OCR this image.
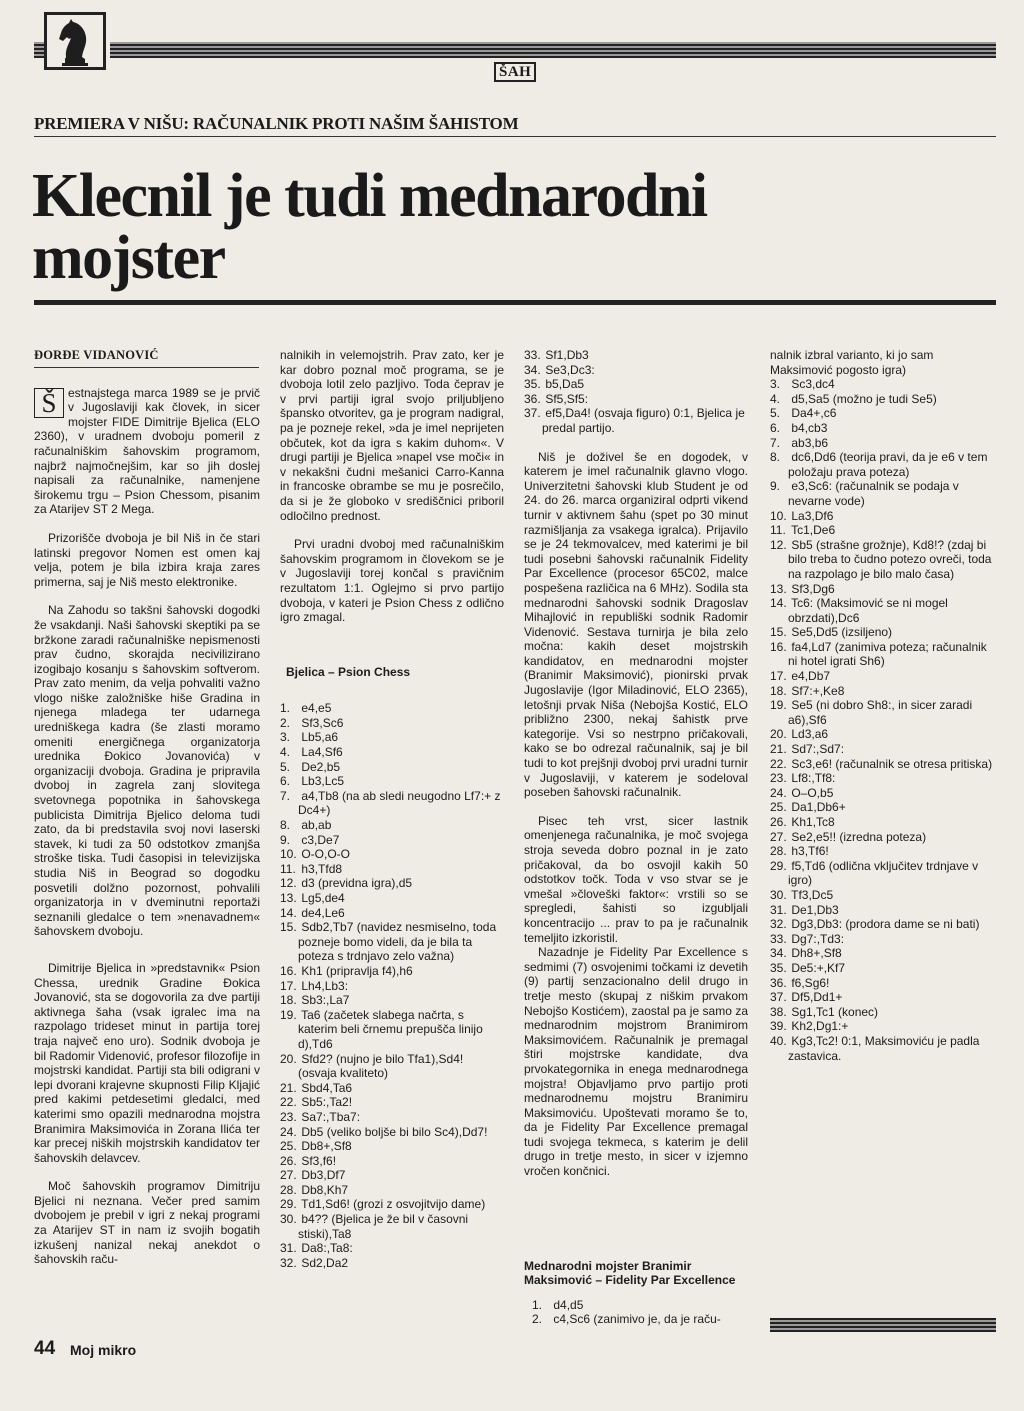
ŠAH
PREMIERA V NIŠU: RAČUNALNIK PROTI NAŠIM ŠAHISTOM
Klecnil je tudi mednarodni
mojster
ĐORĐE VIDANOVIĆ

Š estnajstega marca 1989 se je prvič v Jugoslaviji kak človek, in sicer mojster FIDE Dimitrije Bjelica (ELO 2360), v uradnem dvoboju pomeril z računalniškim šahovskim programom, najbrž najmočnejšim, kar so jih doslej napisali za računalnike, namenjene širokemu trgu – Psion Chessom, pisanim za Atarijev ST 2 Mega.

Prizorišče dvoboja je bil Niš in če stari latinski pregovor Nomen est omen kaj velja, potem je bila izbira kraja zares primerna, saj je Niš mesto elektronike.

Na Zahodu so takšni šahovski dogodki že vsakdanji. Naši šahovski skeptiki pa se bržkone zaradi računalniške nepismenosti prav čudno, skorajda necivilizirano izogibajo kosanju s šahovskim softverom. Prav zato menim, da velja pohvaliti važno vlogo niške založniške hiše Gradina in njenega mladega ter udarnega uredniškega kadra (še zlasti moramo omeniti energičnega organizatorja urednika Đokico Jovanovića) v organizaciji dvoboja. Gradina je pripravila dvoboj in zagrela zanj slovitega svetovnega popotnika in šahovskega publicista Dimitrija Bjelico deloma tudi zato, da bi predstavila svoj novi laserski stavek, ki tudi za 50 odstotkov zmanjša stroške tiska. Tudi časopisi in televizijska studia Niš in Beograd so dogodku posvetili dolžno pozornost, pohvalili organizatorja in v dveminutni reportaži seznanili gledalce o tem »nenavadnem« šahovskem dvoboju.

Dimitrije Bjelica in »predstavnik« Psion Chessa, urednik Gradine Đokica Jovanović, sta se dogovorila za dve partiji aktivnega šaha (vsak igralec ima na razpolago trideset minut in partija torej traja največ eno uro). Sodnik dvoboja je bil Radomir Videnović, profesor filozofije in mojstrski kandidat. Partiji sta bili odigrani v lepi dvorani krajevne skupnosti Filip Kljajić pred kakimi petdesetimi gledalci, med katerimi smo opazili mednarodna mojstra Branimira Maksimovića in Zorana Ilića ter kar precej niških mojstrskih kandidatov ter šahovskih delavcev.

Moč šahovskih programov Dimitriju Bjelici ni neznana. Večer pred samim dvobojem je prebil v igri z nekaj programi za Atarijev ST in nam iz svojih bogatih izkušenj nanizal nekaj anekdot o šahovskih raču-

nalnikih in velemojstrih. Prav zato, ker je kar dobro poznal moč programa, se je dvoboja lotil zelo pazljivo. Toda čeprav je v prvi partiji igral svojo priljubljeno špansko otvoritev, ga je program nadigral, pa je pozneje rekel, »da je imel neprijeten občutek, kot da igra s kakim duhom«. V drugi partiji je Bjelica »napel vse moči« in v nekakšni čudni mešanici Carro-Kanna in francoske obrambe se mu je posrečilo, da si je že globoko v središčnici priboril odločilno prednost.

Prvi uradni dvoboj med računalniškim šahovskim programom in človekom se je v Jugoslaviji torej končal s pravičnim rezultatom 1:1. Oglejmo si prvo partijo dvoboja, v kateri je Psion Chess z odlično igro zmagal.

Bjelica – Psion Chess
1. e4,e5
2. Sf3,Sc6
3. Lb5,a6
4. La4,Sf6
5. De2,b5
6. Lb3,Lc5
7. a4,Tb8 (na ab sledi neugodno Lf7:+ z Dc4+)
8. ab,ab
9. c3,De7
10. O-O,O-O
11. h3,Tfd8
12. d3 (previdna igra),d5
13. Lg5,de4
14. de4,Le6
15. Sdb2,Tb7 (navidez nesmiselno, toda pozneje bomo videli, da je bila ta poteza s trdnjavo zelo važna)
16. Kh1 (pripravlja f4),h6
17. Lh4,Lb3:
18. Sb3:,La7
19. Ta6 (začetek slabega načrta, s katerim beli črnemu prepušča linijo d),Td6
20. Sfd2? (nujno je bilo Tfa1),Sd4! (osvaja kvaliteto)
21. Sbd4,Ta6
22. Sb5:,Ta2!
23. Sa7:,Tba7:
24. Db5 (veliko boljše bi bilo Sc4),Dd7!
25. Db8+,Sf8
26. Sf3,f6!
27. Db3,Df7
28. Db8,Kh7
29. Td1,Sd6! (grozi z osvojitvijo dame)
30. b4?? (Bjelica je že bil v časovni stiski),Ta8
31. Da8:,Ta8:
32. Sd2,Da2
33. Sf1,Db3
34. Se3,Dc3:
35. b5,Da5
36. Sf5,Sf5:
37. ef5,Da4! (osvaja figuro) 0:1, Bjelica je predal partijo.

Niš je doživel še en dogodek, v katerem je imel računalnik glavno vlogo. Univerzitetni šahovski klub Student je od 24. do 26. marca organiziral odprti vikend turnir v aktivnem šahu (spet po 30 minut razmišljanja za vsakega igralca). Prijavilo se je 24 tekmovalcev, med katerimi je bil tudi posebni šahovski računalnik Fidelity Par Excellence (procesor 65C02, malce pospešena različica na 6 MHz). Sodila sta mednarodni šahovski sodnik Dragoslav Mihajlović in republiški sodnik Radomir Videnović. Sestava turnirja je bila zelo močna: kakih deset mojstrskih kandidatov, en mednarodni mojster (Branimir Maksimović), pionirski prvak Jugoslavije (Igor Miladinović, ELO 2365), letošnji prvak Niša (Nebojša Kostić, ELO približno 2300, nekaj šahistk prve kategorije. Vsi so nestrpno pričakovali, kako se bo odrezal računalnik, saj je bil tudi to kot prejšnji dvoboj prvi uradni turnir v Jugoslaviji, v katerem je sodeloval poseben šahovski računalnik.

Pisec teh vrst, sicer lastnik omenjenega računalnika, je moč svojega stroja seveda dobro poznal in je zato pričakoval, da bo osvojil kakih 50 odstotkov točk. Toda v vso stvar se je vmešal »človeški faktor«: vrstili so se spregledi, šahisti so izgubljali koncentracijo ... prav to pa je računalnik temeljito izkoristil.

Nazadnje je Fidelity Par Excellence s sedmimi (7) osvojenimi točkami iz devetih (9) partij senzacionalno delil drugo in tretje mesto (skupaj z niškim prvakom Nebojšo Kostićem), zaostal pa je samo za mednarodnim mojstrom Branimirom Maksimovićem. Računalnik je premagal štiri mojstrske kandidate, dva prvokategornika in enega mednarodnega mojstra! Objavljamo prvo partijo proti mednarodnemu mojstru Branimiru Maksimoviću. Upoštevati moramo še to, da je Fidelity Par Excellence premagal tudi svojega tekmeca, s katerim je delil drugo in tretje mesto, in sicer v izjemno vročen končnici.

Mednarodni mojster Branimir Maksimović – Fidelity Par Excellence
1. d4,d5
2. c4,Sc6 (zanimivo je, da je raču-

nalnik izbral varianto, ki jo sam Maksimović pogosto igra)

3. Sc3,dc4
4. d5,Sa5 (možno je tudi Se5)
5. Da4+,c6
6. b4,cb3
7. ab3,b6
8. dc6,Dd6 (teorija pravi, da je e6 v tem položaju prava poteza)
9. e3,Sc6: (računalnik se podaja v nevarne vode)
10. La3,Df6
11. Tc1,De6
12. Sb5 (strašne grožnje), Kd8!? (zdaj bi bilo treba to čudno potezo ovreči, toda na razpolago je bilo malo časa)
13. Sf3,Dg6
14. Tc6: (Maksimović se ni mogel obrzdati),Dc6
15. Se5,Dd5 (izsiljeno)
16. fa4,Ld7 (zanimiva poteza; računalnik ni hotel igrati Sh6)
17. e4,Db7
18. Sf7:+,Ke8
19. Se5 (ni dobro Sh8:, in sicer zaradi a6),Sf6
20. Ld3,a6
21. Sd7:,Sd7:
22. Sc3,e6! (računalnik se otresa pritiska)
23. Lf8:,Tf8:
24. O–O,b5
25. Da1,Db6+
26. Kh1,Tc8
27. Se2,e5!! (izredna poteza)
28. h3,Tf6!
29. f5,Td6 (odlična vključitev trdnjave v igro)
30. Tf3,Dc5
31. De1,Db3
32. Dg3,Db3: (prodora dame se ni bati)
33. Dg7:,Td3:
34. Dh8+,Sf8
35. De5:+,Kf7
36. f6,Sg6!
37. Df5,Dd1+
38. Sg1,Tc1 (konec)
39. Kh2,Dg1:+
40. Kg3,Tc2! 0:1, Maksimoviću je padla zastavica.
44 Moj mikro
